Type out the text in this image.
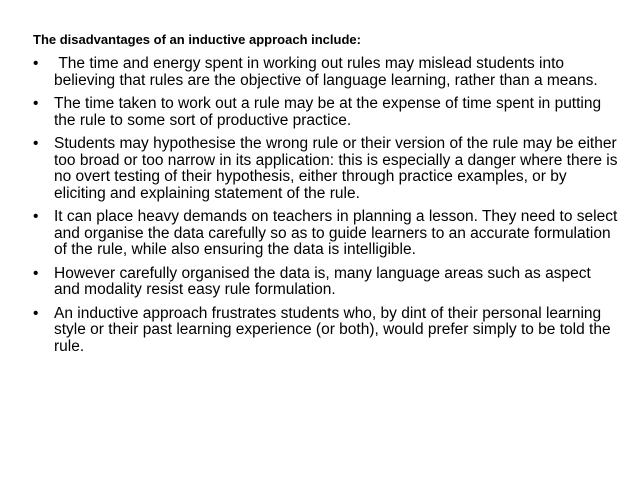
The disadvantages of an inductive approach include:
•	The time and energy spent in working out rules may mislead students into believing that rules are the objective of language learning, rather than a means.
•	The time taken to work out a rule may be at the expense of time spent in putting the rule to some sort of productive practice.
•	Students may hypothesise the wrong rule or their version of the rule may be either too broad or too narrow in its application: this is especially a danger where there is no overt testing of their hypothesis, either through practice examples, or by eliciting and explaining statement of the rule.
•	It can place heavy demands on teachers in planning a lesson. They need to select and organise the data carefully so as to guide learners to an accurate formulation of the rule, while also ensuring the data is intelligible.
•	However carefully organised the data is, many language areas such as aspect and modality resist easy rule formulation.
•	An inductive approach frustrates students who, by dint of their personal learning style or their past learning experience (or both), would prefer simply to be told the rule.
